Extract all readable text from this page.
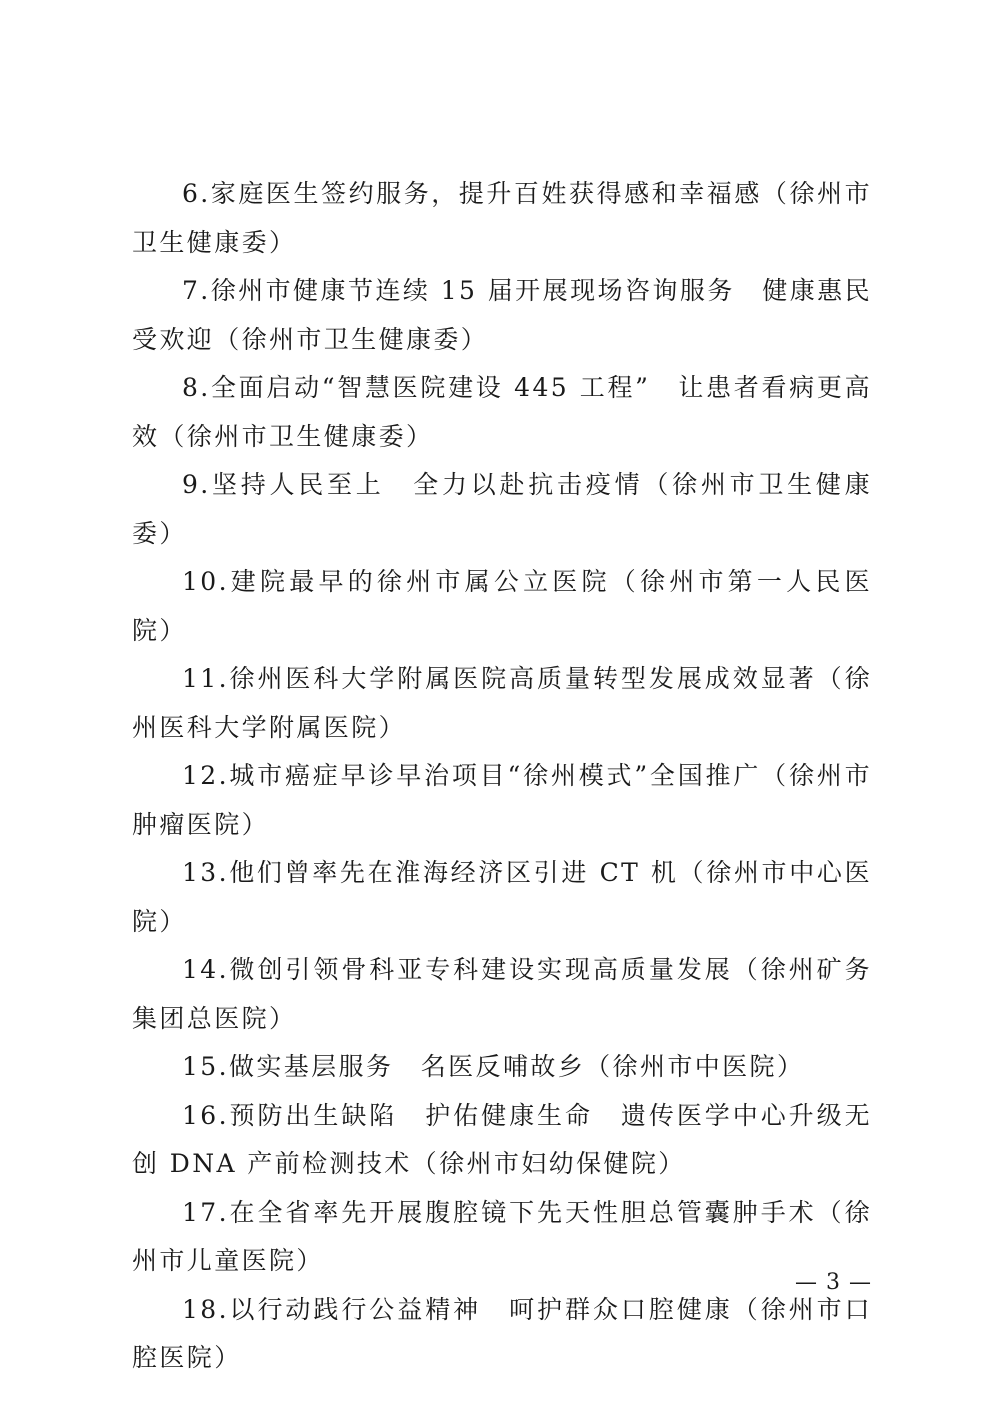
6.家庭医生签约服务，提升百姓获得感和幸福感（徐州市卫生健康委）

7.徐州市健康节连续 15 届开展现场咨询服务　健康惠民受欢迎（徐州市卫生健康委）

8.全面启动“智慧医院建设 445 工程”　让患者看病更高效（徐州市卫生健康委）

9.坚持人民至上　全力以赴抗击疫情（徐州市卫生健康委）

10.建院最早的徐州市属公立医院（徐州市第一人民医院）

11.徐州医科大学附属医院高质量转型发展成效显著（徐州医科大学附属医院）

12.城市癌症早诊早治项目“徐州模式”全国推广（徐州市肿瘤医院）

13.他们曾率先在淮海经济区引进 CT 机（徐州市中心医院）

14.微创引领骨科亚专科建设实现高质量发展（徐州矿务集团总医院）

15.做实基层服务　名医反哺故乡（徐州市中医院）

16.预防出生缺陷　护佑健康生命　遗传医学中心升级无创 DNA 产前检测技术（徐州市妇幼保健院）

17.在全省率先开展腹腔镜下先天性胆总管囊肿手术（徐州市儿童医院）

18.以行动践行公益精神　呵护群众口腔健康（徐州市口腔医院）

— 3 —
